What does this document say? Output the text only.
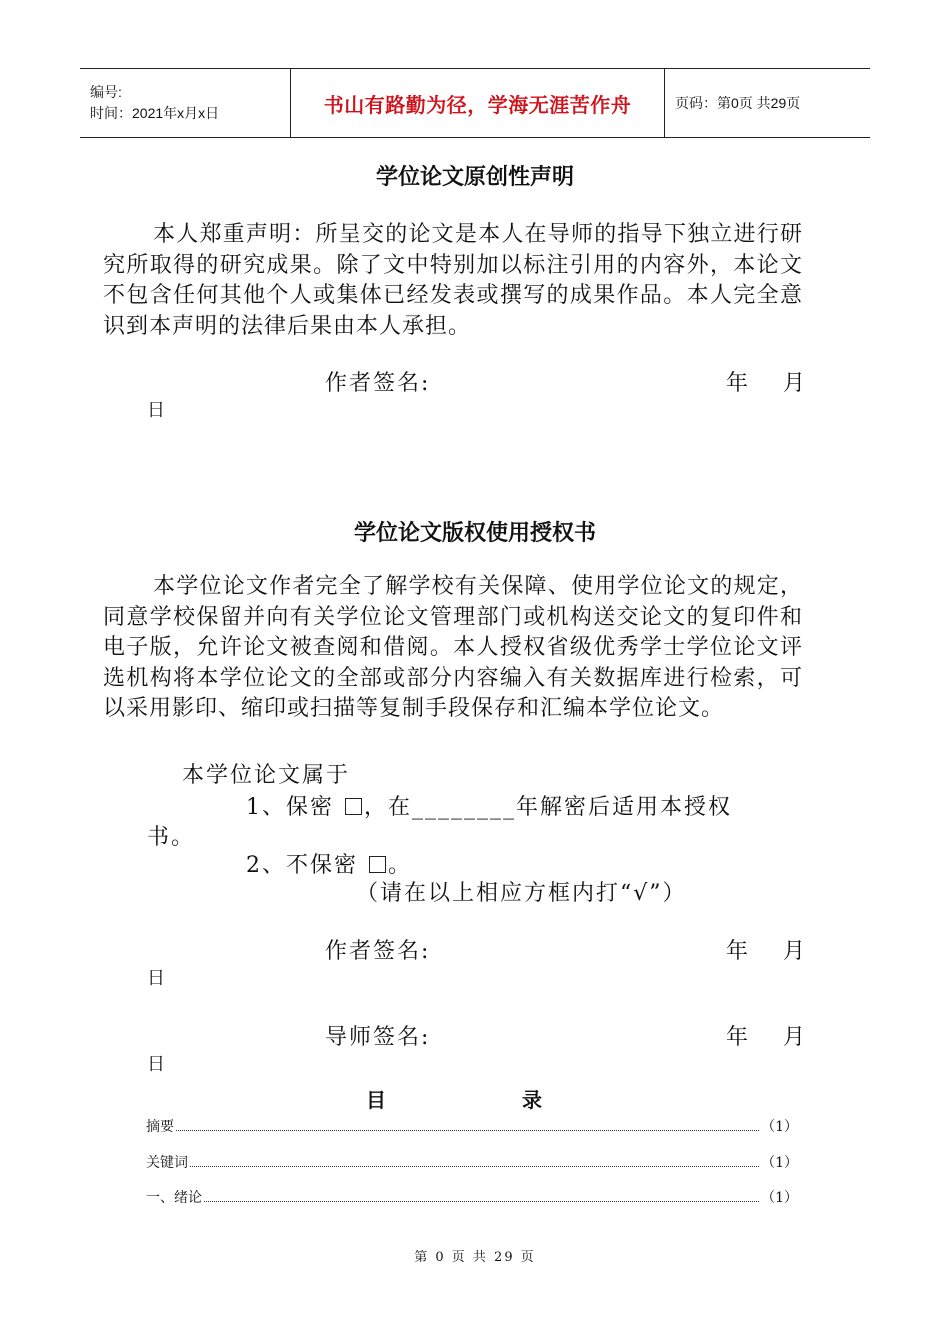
编号:
时间：2021年x月x日	书山有路勤为径，学海无涯苦作舟	页码：第0页 共29页
学位论文原创性声明
本人郑重声明：所呈交的论文是本人在导师的指导下独立进行研究所取得的研究成果。除了文中特别加以标注引用的内容外，本论文不包含任何其他个人或集体已经发表或撰写的成果作品。本人完全意识到本声明的法律后果由本人承担。
作者签名:	年 月
日
学位论文版权使用授权书
本学位论文作者完全了解学校有关保障、使用学位论文的规定，同意学校保留并向有关学位论文管理部门或机构送交论文的复印件和电子版，允许论文被查阅和借阅。本人授权省级优秀学士学位论文评选机构将本学位论文的全部或部分内容编入有关数据库进行检索，可以采用影印、缩印或扫描等复制手段保存和汇编本学位论文。
本学位论文属于
1、保密 ，在________年解密后适用本授权
书。
2、不保密 。
（请在以上相应方框内打“√”）
作者签名:	年 月
日
导师签名:	年 月
日
目	录
摘要	（1）
关键词	（1）
一、绪论	（1）
第 0 页 共 29 页
